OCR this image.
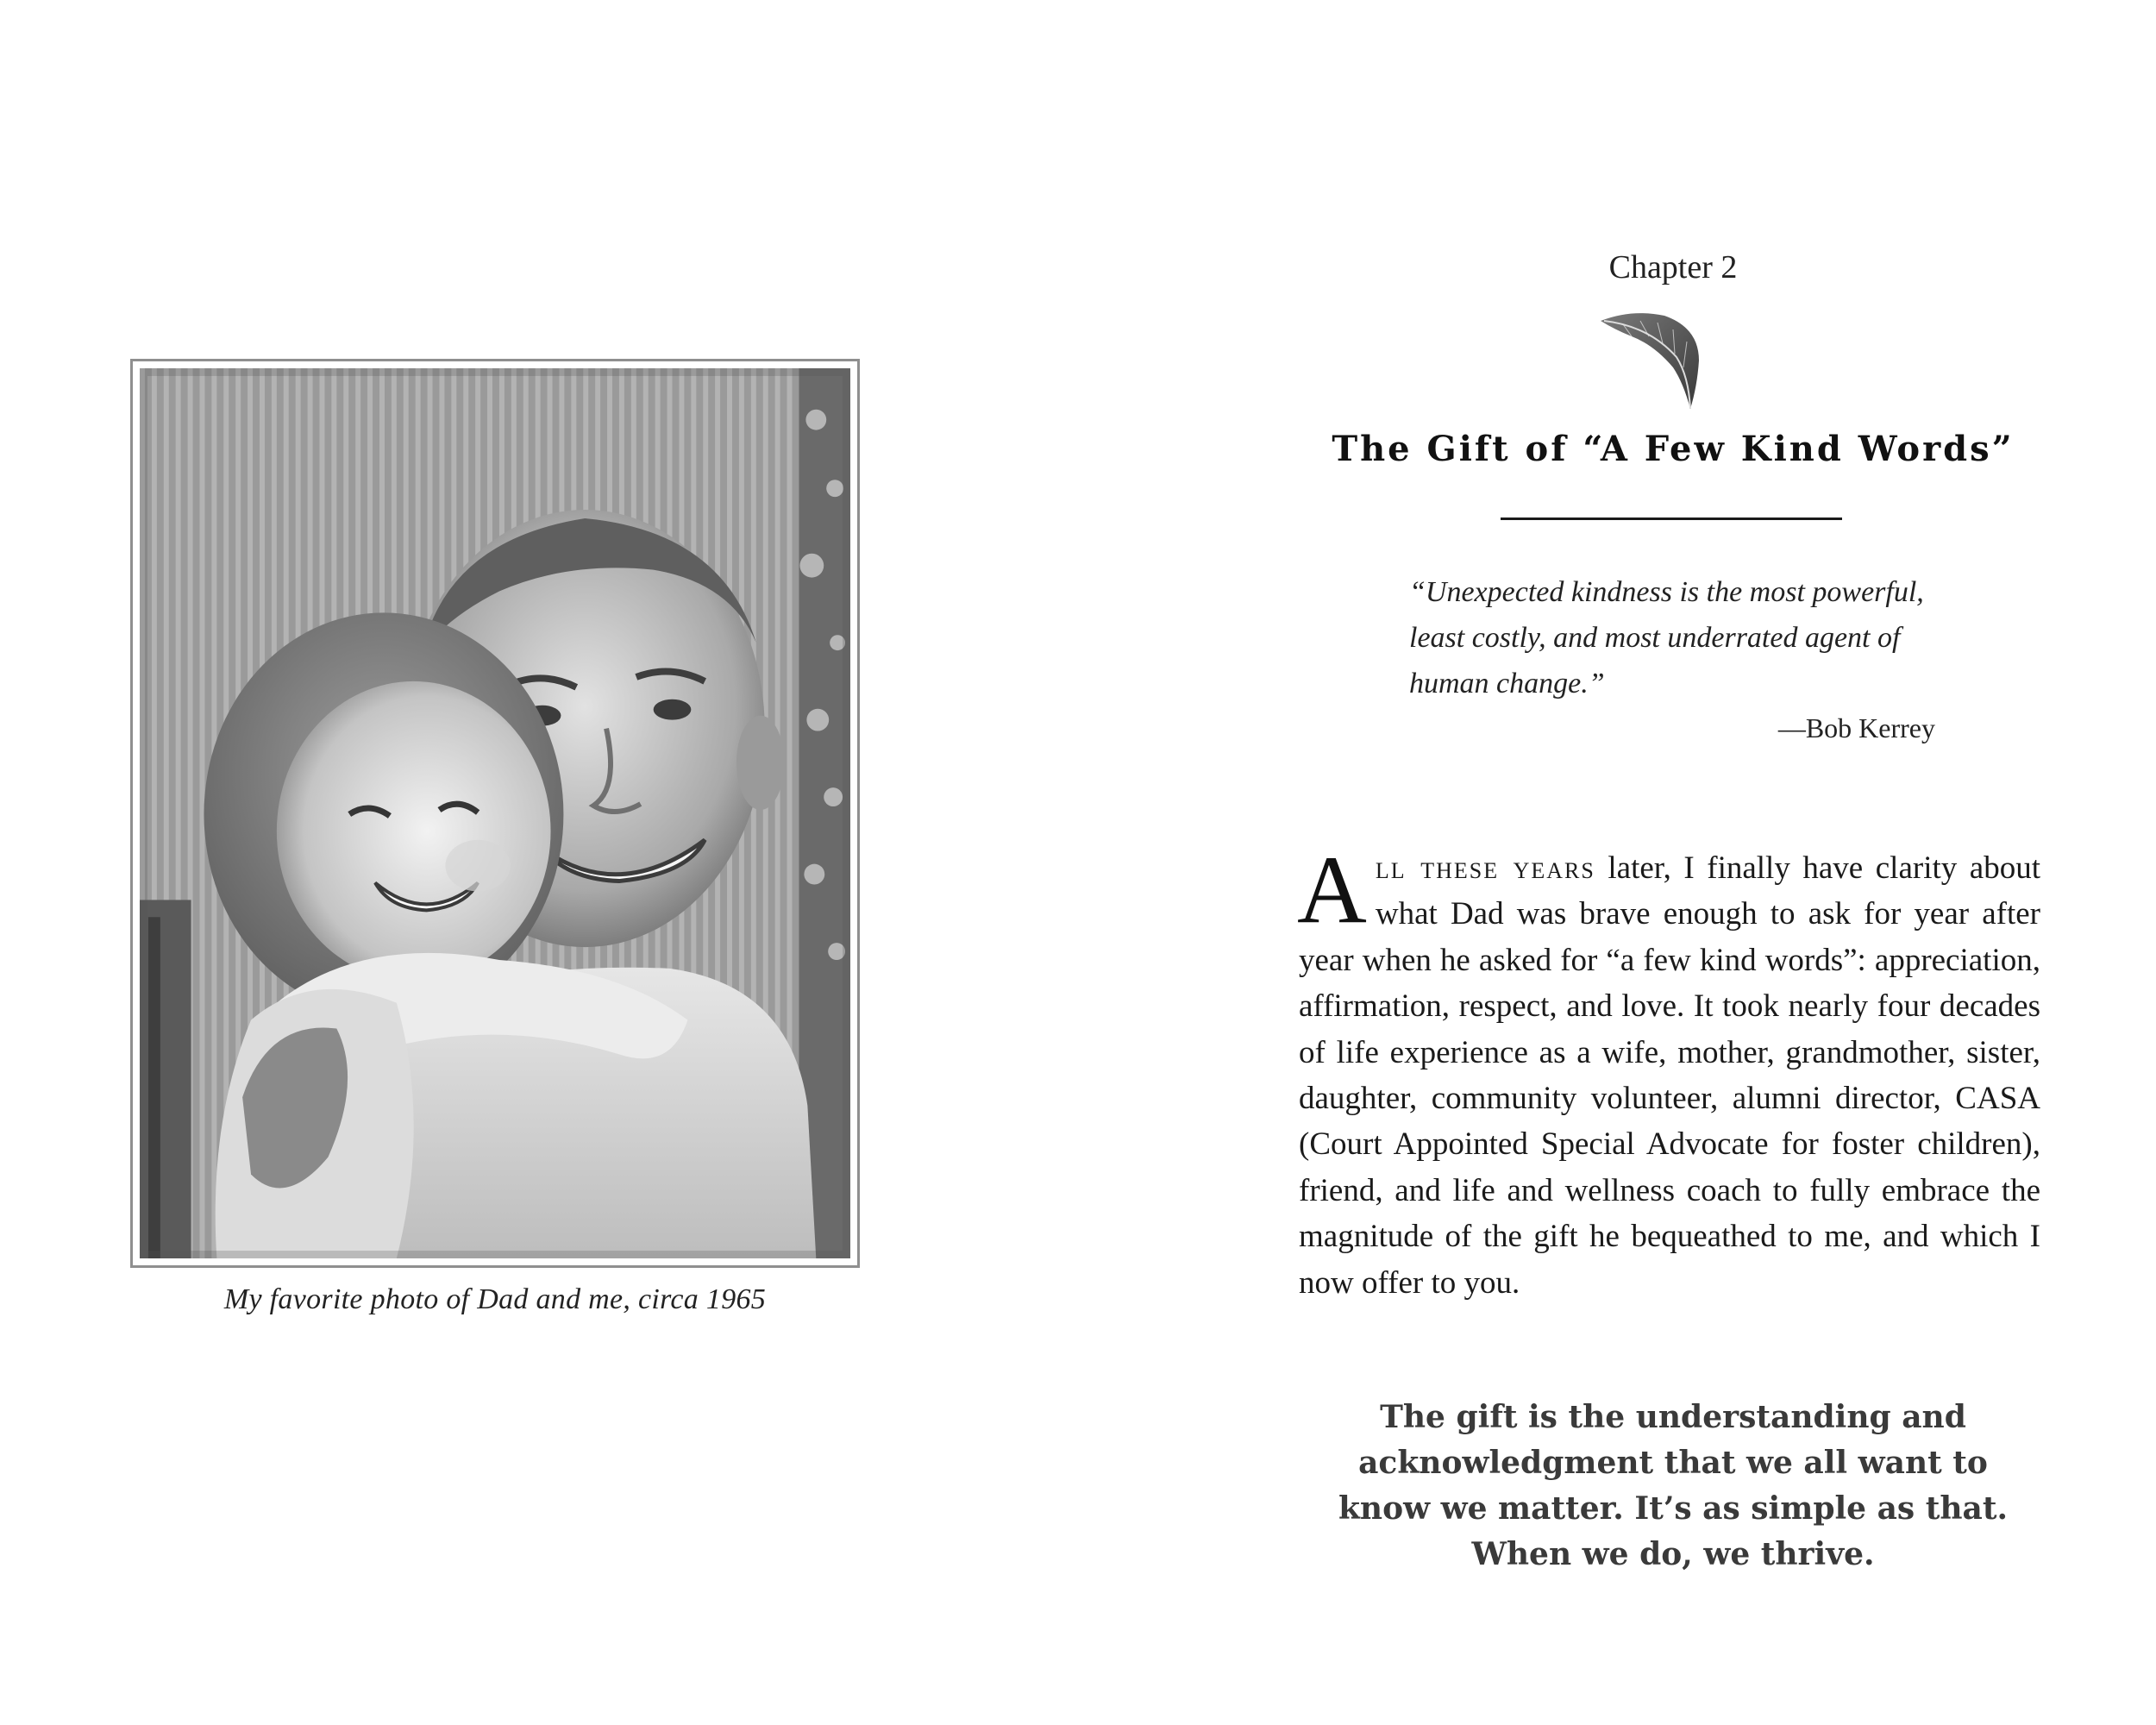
My favorite photo of Dad and me, circa 1965
Chapter 2
The Gift of “A Few Kind Words”
“Unexpected kindness is the most powerful,
least costly, and most underrated agent of
human change.”
—Bob Kerrey
All these years later, I finally have clarity about what Dad was brave enough to ask for year after year when he asked for “a few kind words”: appreciation, affirmation, respect, and love. It took nearly four decades of life experience as a wife, mother, grandmother, sister, daughter, community volunteer, alumni director, CASA (Court Appointed Special Advocate for foster children), friend, and life and wellness coach to fully embrace the magnitude of the gift he bequeathed to me, and which I now offer to you.
The gift is the understanding and
acknowledgment that we all want to
know we matter. It’s as simple as that.
When we do, we thrive.
